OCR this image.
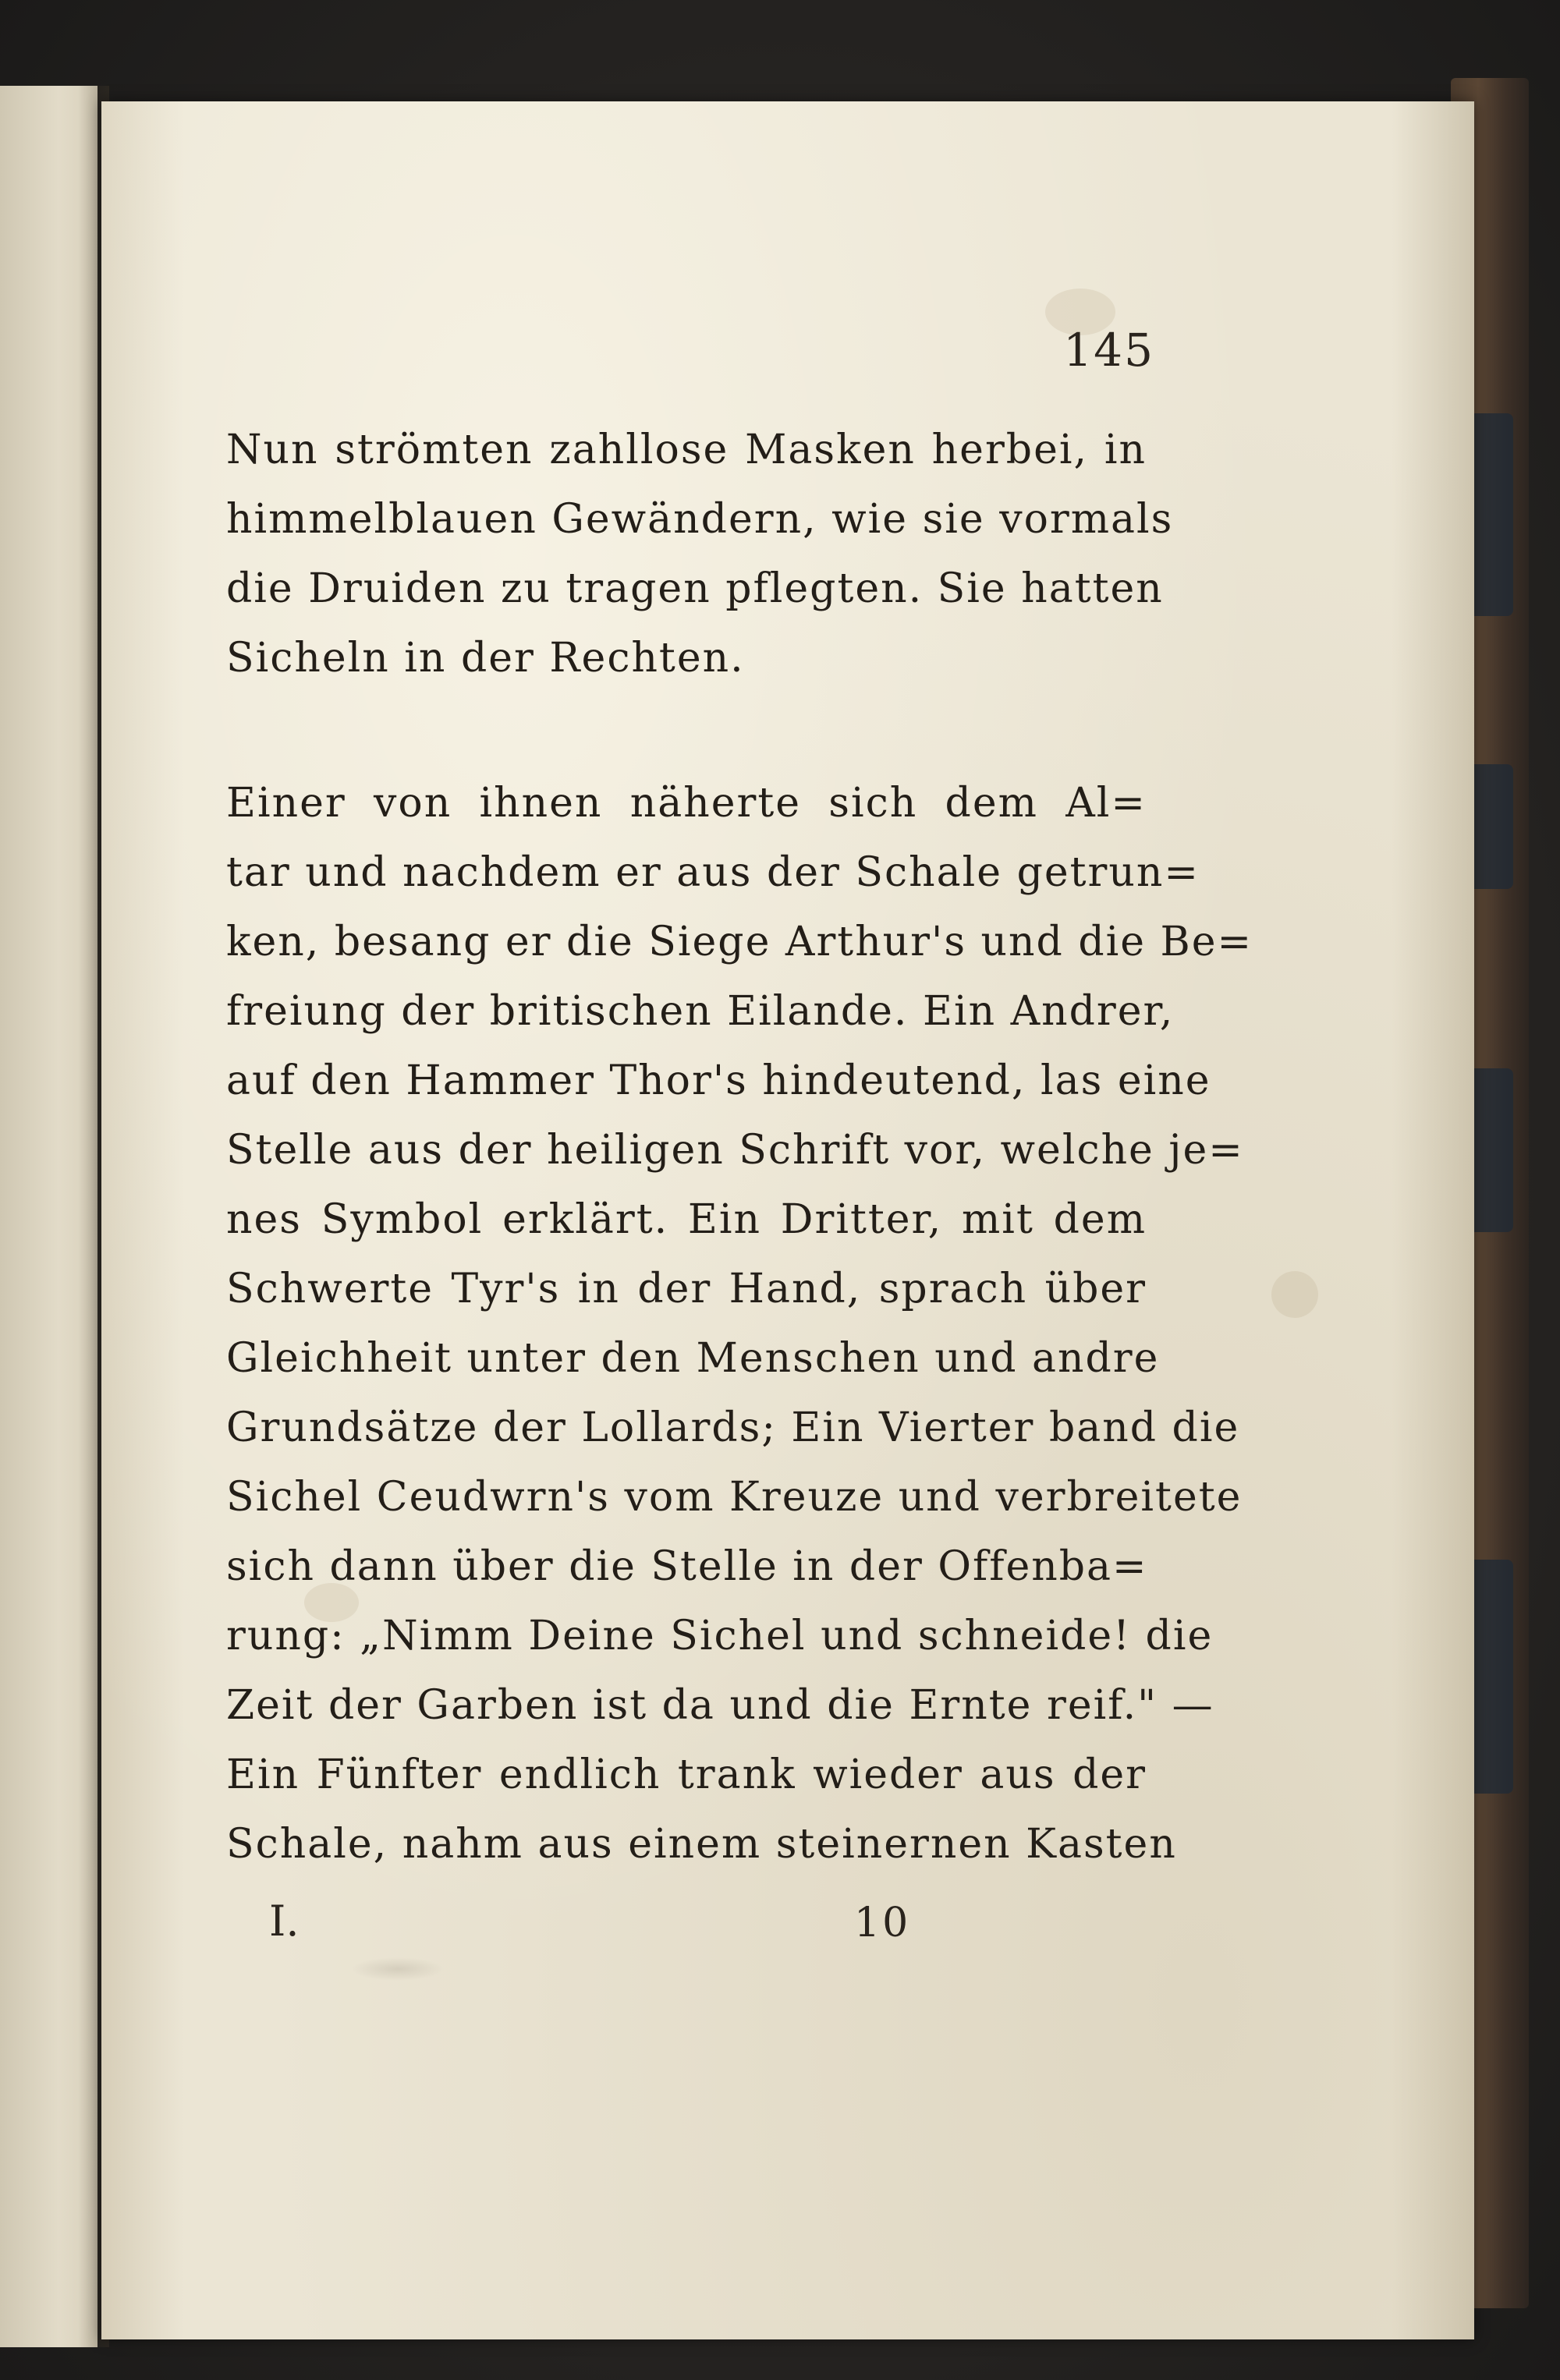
145
Nun strömten zahllose Masken herbei, in
himmelblauen Gewändern, wie sie vormals
die Druiden zu tragen pflegten. Sie hatten
Sicheln in der Rechten.
Einer von ihnen näherte sich dem Al=
tar und nachdem er aus der Schale getrun=
ken, besang er die Siege Arthur's und die Be=
freiung der britischen Eilande. Ein Andrer,
auf den Hammer Thor's hindeutend, las eine
Stelle aus der heiligen Schrift vor, welche je=
nes Symbol erklärt. Ein Dritter, mit dem
Schwerte Tyr's in der Hand, sprach über
Gleichheit unter den Menschen und andre
Grundsätze der Lollards; Ein Vierter band die
Sichel Ceudwrn's vom Kreuze und verbreitete
sich dann über die Stelle in der Offenba=
rung: „Nimm Deine Sichel und schneide! die
Zeit der Garben ist da und die Ernte reif." —
Ein Fünfter endlich trank wieder aus der
Schale, nahm aus einem steinernen Kasten
I.	10
